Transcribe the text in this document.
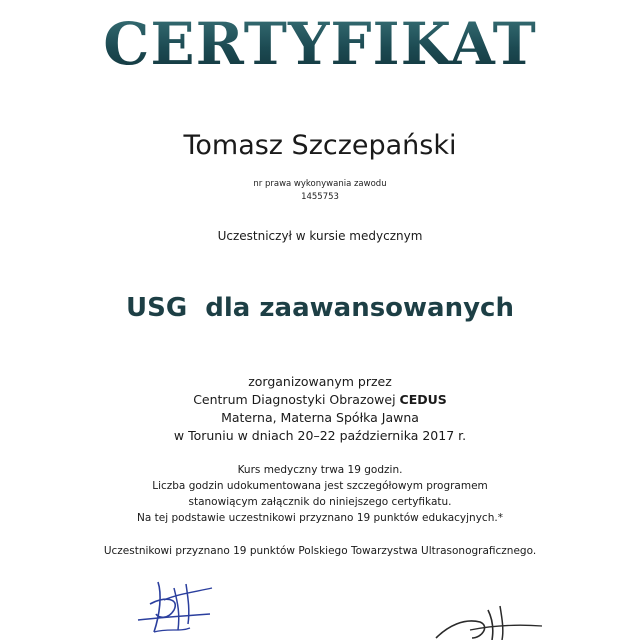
CERTYFIKAT
Tomasz Szczepański
nr prawa wykonywania zawodu
1455753
Uczestniczył w kursie medycznym
USG  dla zaawansowanych
zorganizowanym przez
Centrum Diagnostyki Obrazowej CEDUS
Materna, Materna Spółka Jawna
w Toruniu w dniach 20–22 października 2017 r.
Kurs medyczny trwa 19 godzin.
Liczba godzin udokumentowana jest szczegółowym programem
stanowiącym załącznik do niniejszego certyfikatu.
Na tej podstawie uczestnikowi przyznano 19 punktów edukacyjnych.*
Uczestnikowi przyznano 19 punktów Polskiego Towarzystwa Ultrasonograficznego.
